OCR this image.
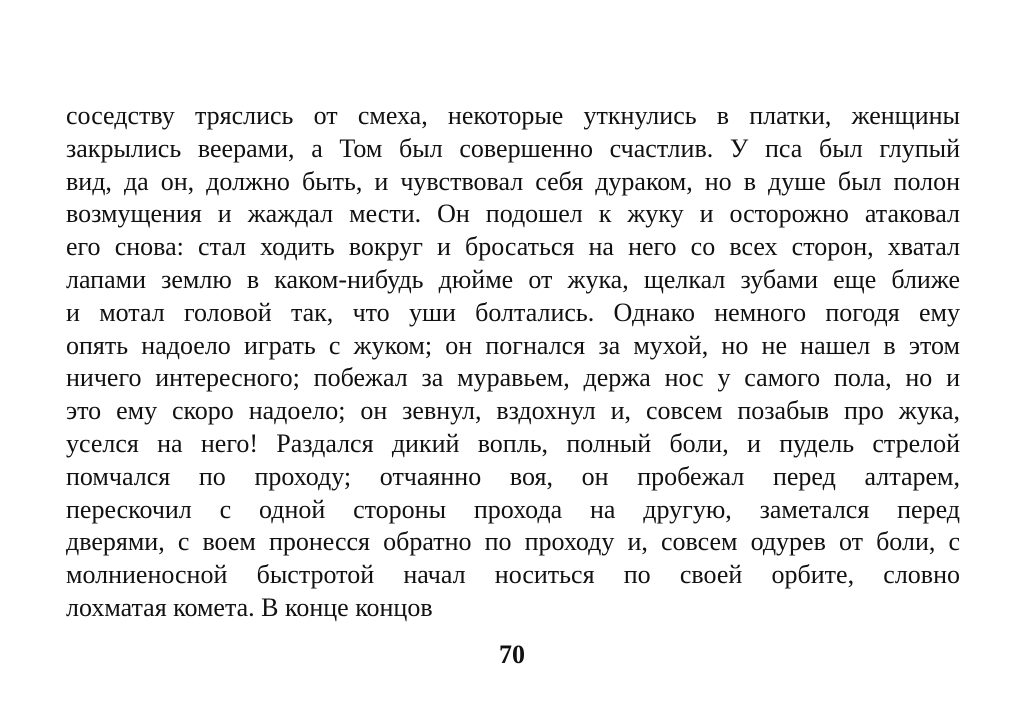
соседству тряслись от смеха, некоторые уткнулись в платки, женщины
закрылись веерами, а Том был совершенно счастлив. У пса был глупый
вид, да он, должно быть, и чувствовал себя дураком, но в душе был полон
возмущения и жаждал мести. Он подошел к жуку и осторожно атаковал
его снова: стал ходить вокруг и бросаться на него со всех сторон, хватал
лапами землю в каком-нибудь дюйме от жука, щелкал зубами еще ближе
и мотал головой так, что уши болтались. Однако немного погодя ему
опять надоело играть с жуком; он погнался за мухой, но не нашел в этом
ничего интересного; побежал за муравьем, держа нос у самого пола, но и
это ему скоро надоело; он зевнул, вздохнул и, совсем позабыв про жука,
уселся на него! Раздался дикий вопль, полный боли, и пудель стрелой
помчался по проходу; отчаянно воя, он пробежал перед алтарем,
перескочил с одной стороны прохода на другую, заметался перед
дверями, с воем пронесся обратно по проходу и, совсем одурев от боли, с
молниеносной быстротой начал носиться по своей орбите, словно
лохматая комета. В конце концов
70
